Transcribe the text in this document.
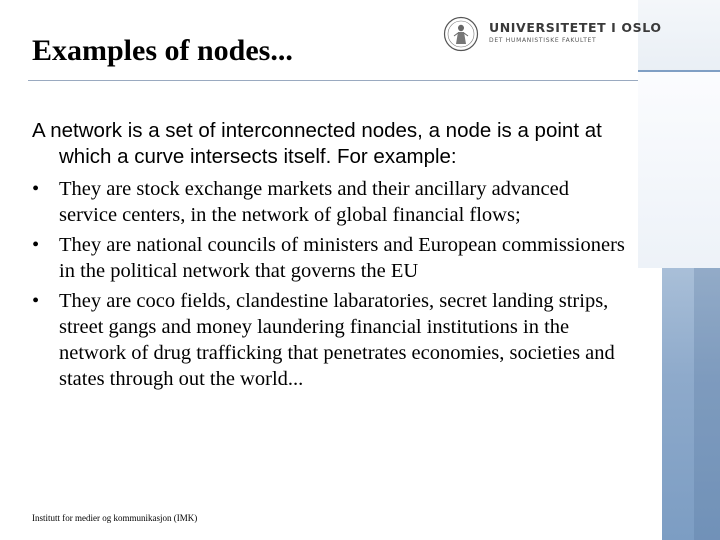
UNIVERSITETET I OSLO
DET HUMANISTISKE FAKULTET
Examples of nodes...

A network is a set of interconnected nodes, a node is a point at which a curve intersects itself. For example:

• They are stock exchange markets and their ancillary advanced service centers, in the network of global financial flows;
• They are national councils of ministers and European commissioners in the political network that governs the EU
• They are coco fields, clandestine labaratories, secret landing strips, street gangs and money laundering financial institutions in the network of drug trafficking that penetrates economies, societies and states through out the world...
Institutt for medier og kommunikasjon (IMK)
